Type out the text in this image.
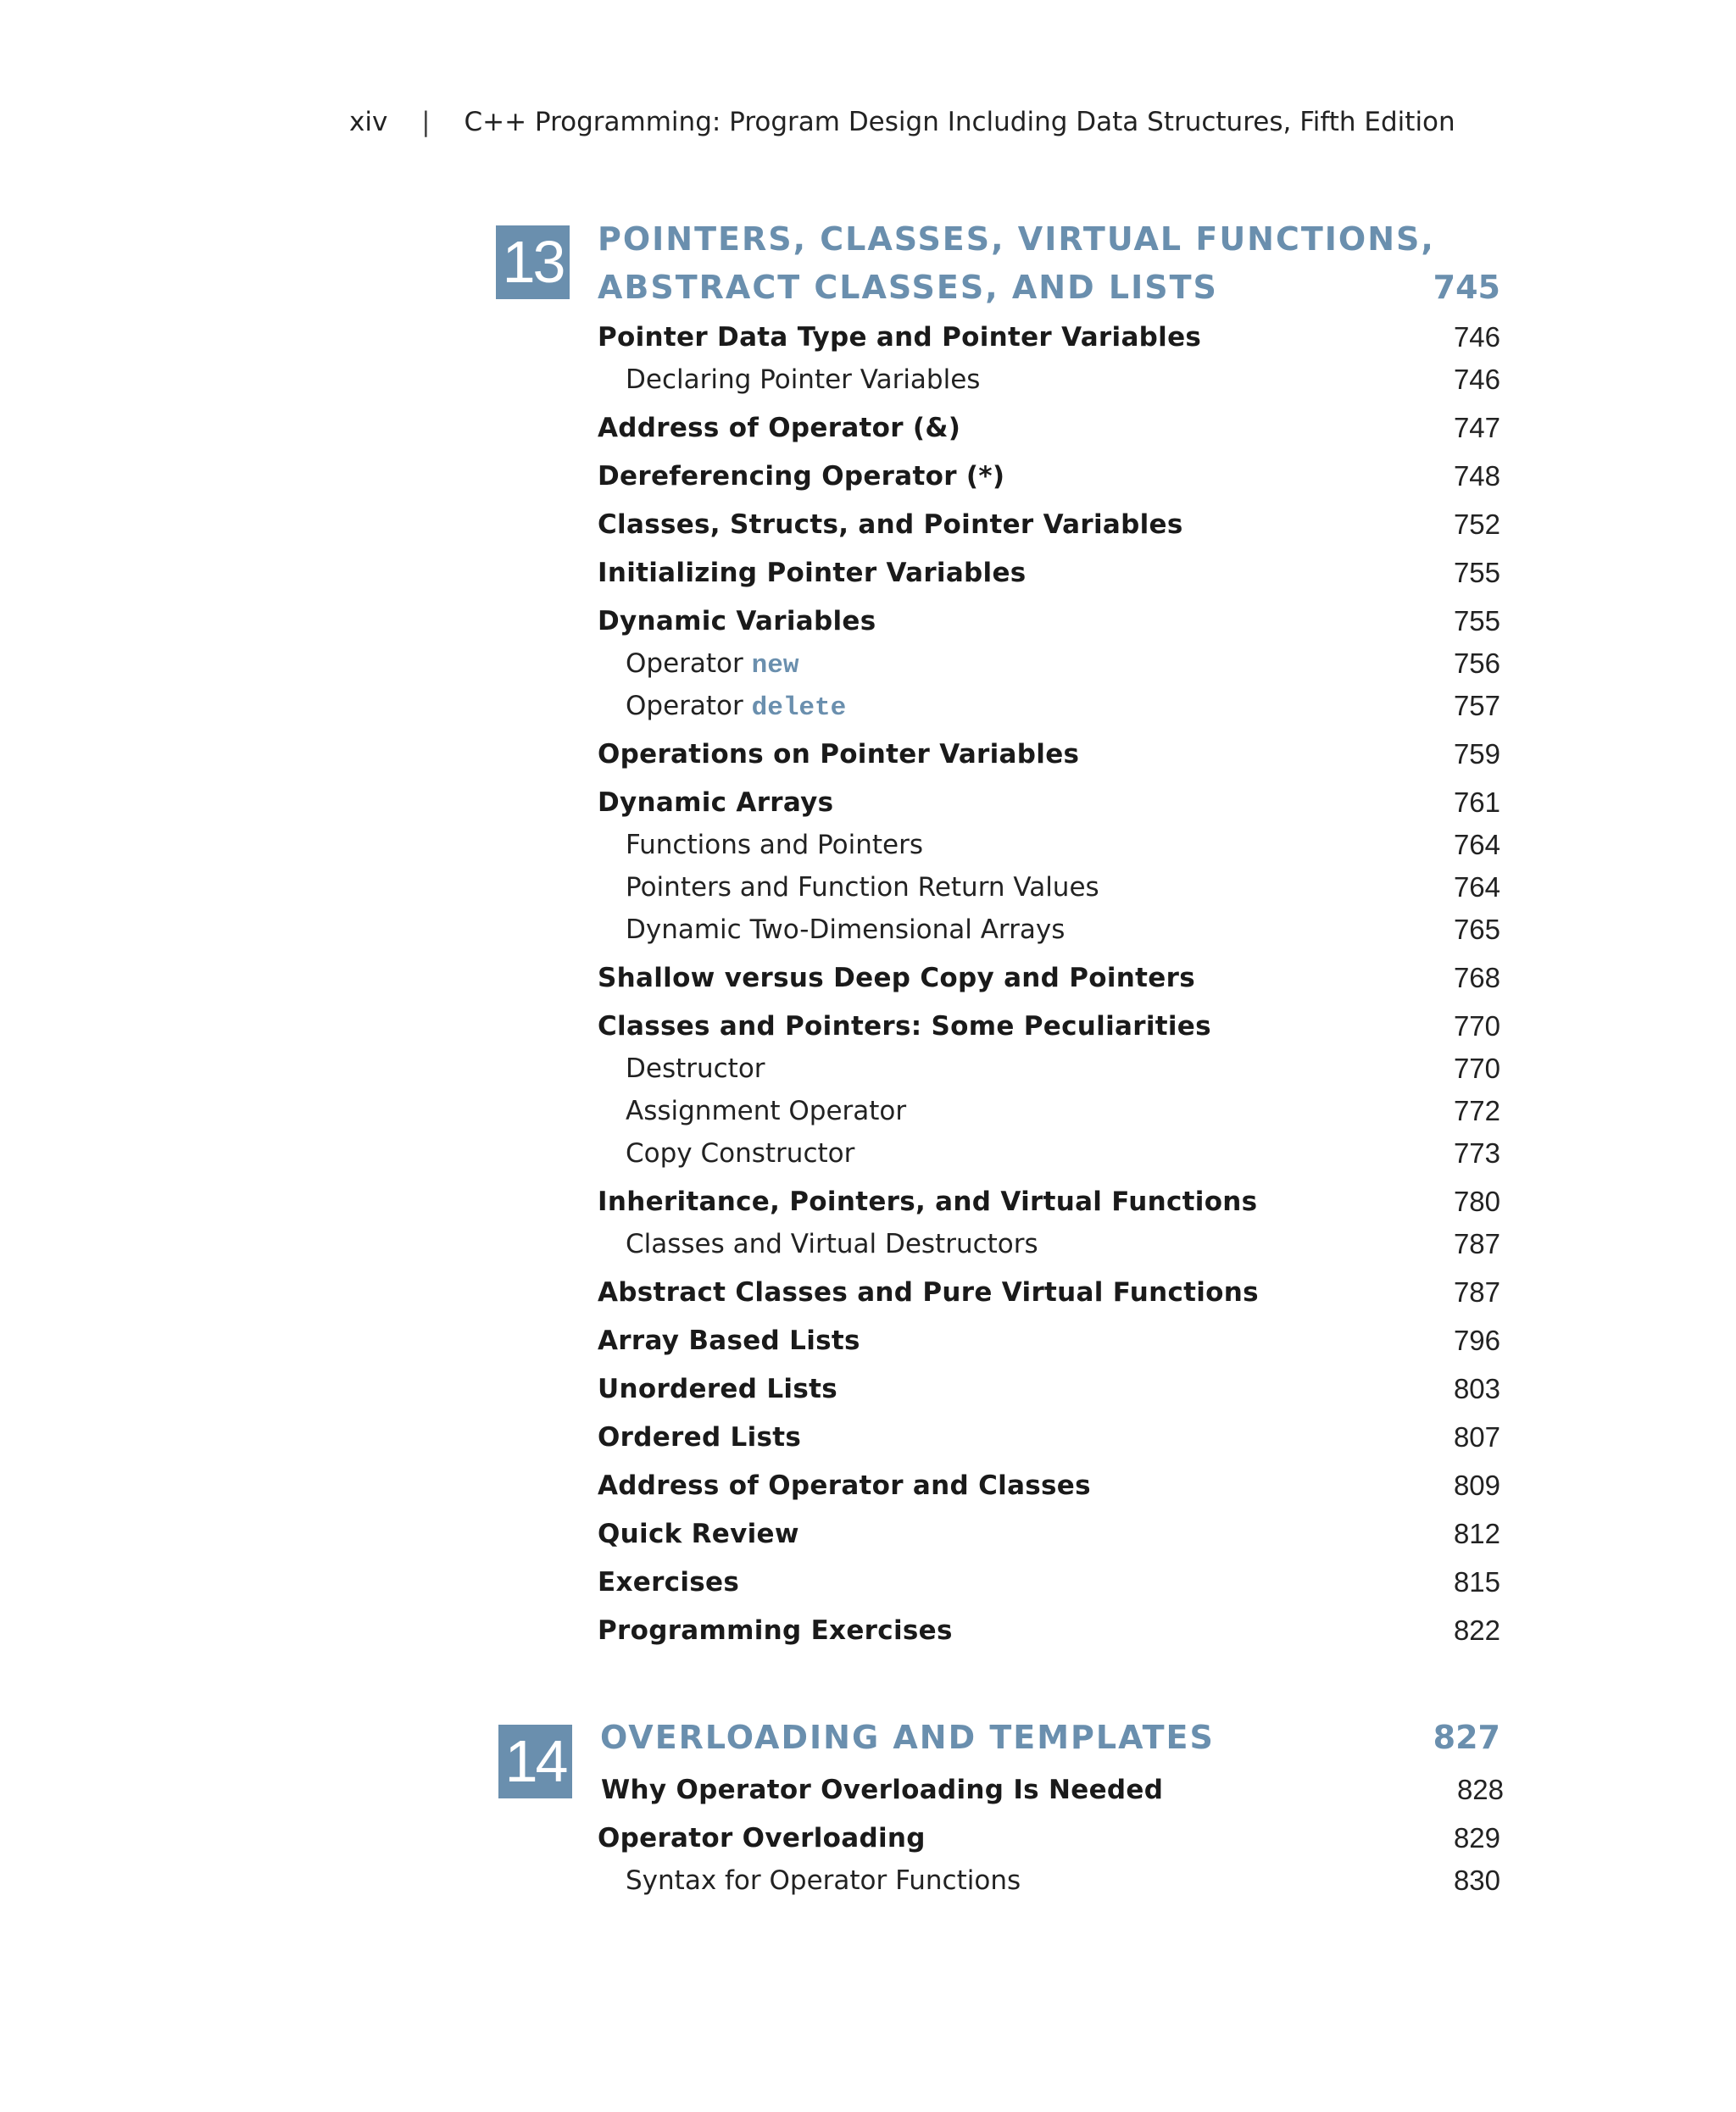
xiv | C++ Programming: Program Design Including Data Structures, Fifth Edition
13 POINTERS, CLASSES, VIRTUAL FUNCTIONS,
ABSTRACT CLASSES, AND LISTS	745
Pointer Data Type and Pointer Variables	746
Declaring Pointer Variables	746
Address of Operator (&)	747
Dereferencing Operator (*)	748
Classes, Structs, and Pointer Variables	752
Initializing Pointer Variables	755
Dynamic Variables	755
Operator new	756
Operator delete	757
Operations on Pointer Variables	759
Dynamic Arrays	761
Functions and Pointers	764
Pointers and Function Return Values	764
Dynamic Two-Dimensional Arrays	765
Shallow versus Deep Copy and Pointers	768
Classes and Pointers: Some Peculiarities	770
Destructor	770
Assignment Operator	772
Copy Constructor	773
Inheritance, Pointers, and Virtual Functions	780
Classes and Virtual Destructors	787
Abstract Classes and Pure Virtual Functions	787
Array Based Lists	796
Unordered Lists	803
Ordered Lists	807
Address of Operator and Classes	809
Quick Review	812
Exercises	815
Programming Exercises	822
14 OVERLOADING AND TEMPLATES	827
Why Operator Overloading Is Needed	828
Operator Overloading	829
Syntax for Operator Functions	830
